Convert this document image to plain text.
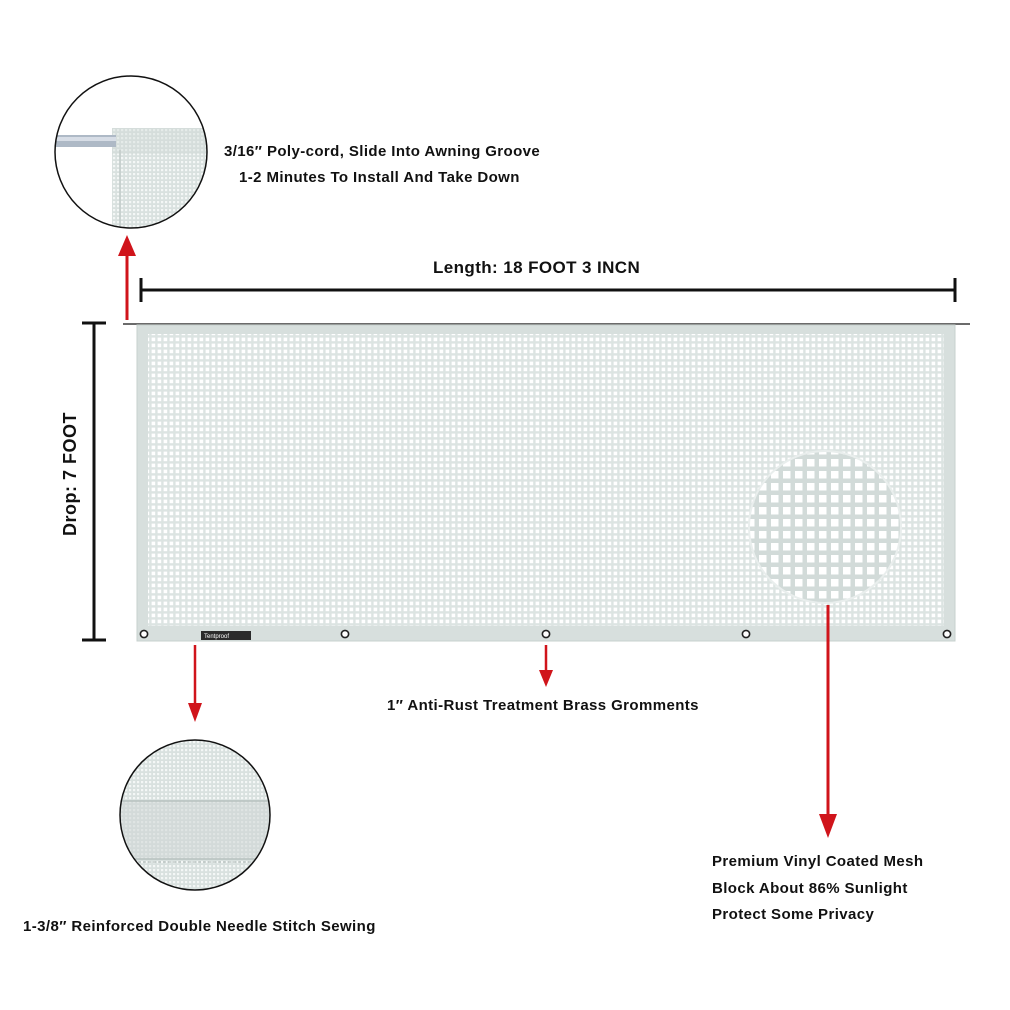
Tentproof
Drop: 7 FOOT
3/16″ Poly-cord, Slide Into Awning Groove
1-2 Minutes To Install And Take Down
Length: 18 FOOT 3 INCN
1″ Anti-Rust Treatment Brass Gromments
1-3/8″ Reinforced Double Needle Stitch Sewing
Premium Vinyl Coated Mesh
Block About 86% Sunlight
Protect Some Privacy
